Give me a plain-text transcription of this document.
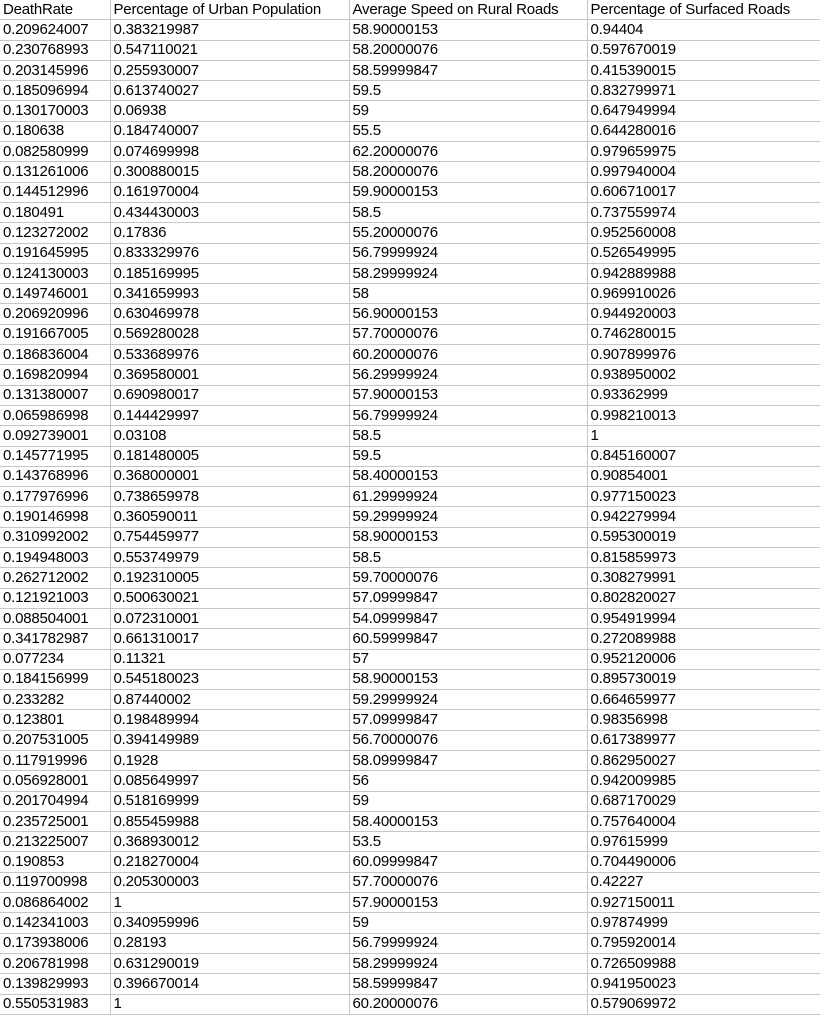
DeathRate	Percentage of Urban Population	Average Speed on Rural Roads	Percentage of Surfaced Roads
0.209624007	0.383219987	58.90000153	0.94404
0.230768993	0.547110021	58.20000076	0.597670019
0.203145996	0.255930007	58.59999847	0.415390015
0.185096994	0.613740027	59.5	0.832799971
0.130170003	0.06938	59	0.647949994
0.180638	0.184740007	55.5	0.644280016
0.082580999	0.074699998	62.20000076	0.979659975
0.131261006	0.300880015	58.20000076	0.997940004
0.144512996	0.161970004	59.90000153	0.606710017
0.180491	0.434430003	58.5	0.737559974
0.123272002	0.17836	55.20000076	0.952560008
0.191645995	0.833329976	56.79999924	0.526549995
0.124130003	0.185169995	58.29999924	0.942889988
0.149746001	0.341659993	58	0.969910026
0.206920996	0.630469978	56.90000153	0.944920003
0.191667005	0.569280028	57.70000076	0.746280015
0.186836004	0.533689976	60.20000076	0.907899976
0.169820994	0.369580001	56.29999924	0.938950002
0.131380007	0.690980017	57.90000153	0.93362999
0.065986998	0.144429997	56.79999924	0.998210013
0.092739001	0.03108	58.5	1
0.145771995	0.181480005	59.5	0.845160007
0.143768996	0.368000001	58.40000153	0.90854001
0.177976996	0.738659978	61.29999924	0.977150023
0.190146998	0.360590011	59.29999924	0.942279994
0.310992002	0.754459977	58.90000153	0.595300019
0.194948003	0.553749979	58.5	0.815859973
0.262712002	0.192310005	59.70000076	0.308279991
0.121921003	0.500630021	57.09999847	0.802820027
0.088504001	0.072310001	54.09999847	0.954919994
0.341782987	0.661310017	60.59999847	0.272089988
0.077234	0.11321	57	0.952120006
0.184156999	0.545180023	58.90000153	0.895730019
0.233282	0.87440002	59.29999924	0.664659977
0.123801	0.198489994	57.09999847	0.98356998
0.207531005	0.394149989	56.70000076	0.617389977
0.117919996	0.1928	58.09999847	0.862950027
0.056928001	0.085649997	56	0.942009985
0.201704994	0.518169999	59	0.687170029
0.235725001	0.855459988	58.40000153	0.757640004
0.213225007	0.368930012	53.5	0.97615999
0.190853	0.218270004	60.09999847	0.704490006
0.119700998	0.205300003	57.70000076	0.42227
0.086864002	1	57.90000153	0.927150011
0.142341003	0.340959996	59	0.97874999
0.173938006	0.28193	56.79999924	0.795920014
0.206781998	0.631290019	58.29999924	0.726509988
0.139829993	0.396670014	58.59999847	0.941950023
0.550531983	1	60.20000076	0.579069972
